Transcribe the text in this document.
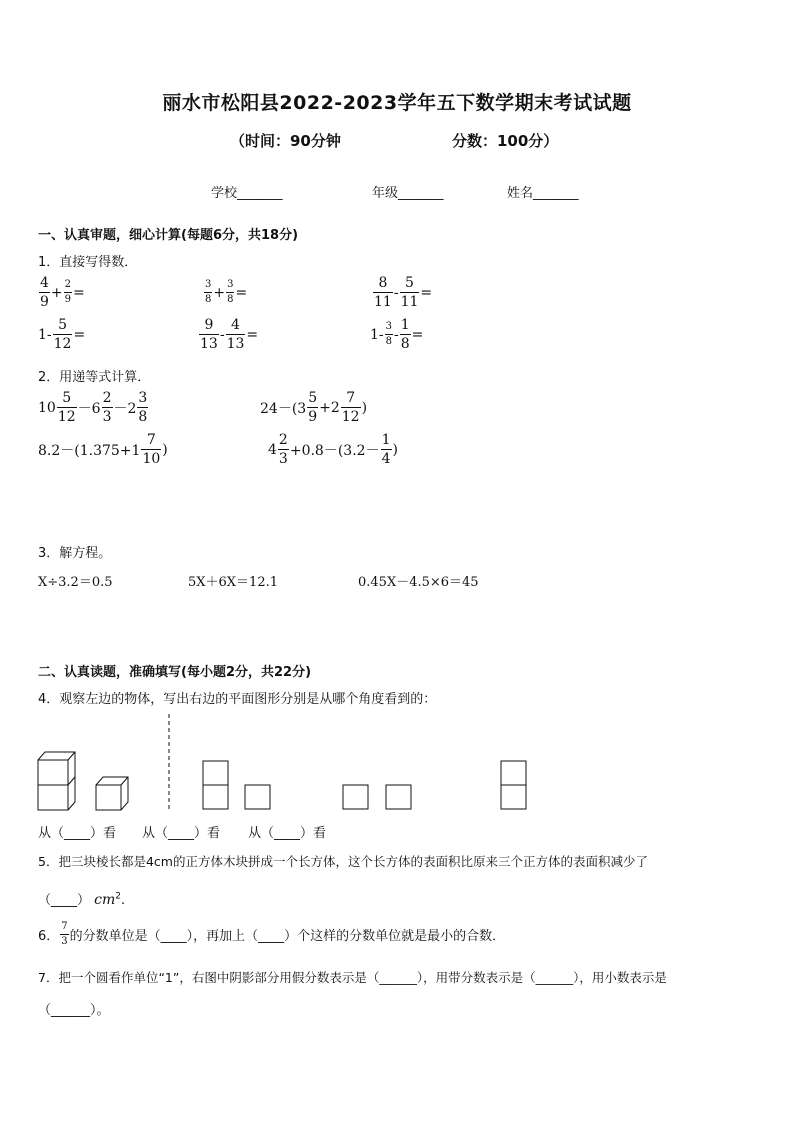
丽水市松阳县2022-2023学年五下数学期末考试试题
（时间：90分钟	分数：100分）
学校_______	年级_______	姓名_______
一、认真审题，细心计算(每题6分，共18分)
1．直接写得数．
$\frac{4}{9} + \frac{2}{9}$ =	$\frac{3}{8} + \frac{3}{8}$ =	$\frac{8}{11} - \frac{5}{11}$ =
$1- \frac{5}{12}$ =	$\frac{9}{13} - \frac{4}{13}$ =	$1- \frac{3}{8} - \frac{1}{8}$ =
2．用递等式计算．
$10 \frac{5}{12} -6 \frac{2}{3} -2 \frac{3}{8}$	$24-(3 \frac{5}{9} +2 \frac{7}{12}$ )
$8.2-(1.375+1 \frac{7}{10}$ )	$4 \frac{2}{3} +0.8-(3.2- \frac{1}{4}$ )
3．解方程。
X÷3.2＝0.5	5X＋6X＝12.1	0.45X－4.5×6＝45
二、认真读题，准确填写(每小题2分，共22分)
4．观察左边的物体，写出右边的平面图形分别是从哪个角度看到的：
从（____）看 从（____）看 从（____）看
5．把三块棱长都是4cm的正方体木块拼成一个长方体，这个长方体的表面积比原来三个正方体的表面积减少了
（____） $cm^2$.
6． $\frac{7}{3}$ 的分数单位是（____），再加上（____）个这样的分数单位就是最小的合数．
7．把一个圆看作单位“1”，右图中阴影部分用假分数表示是（______），用带分数表示是（______），用小数表示是
（______）。
